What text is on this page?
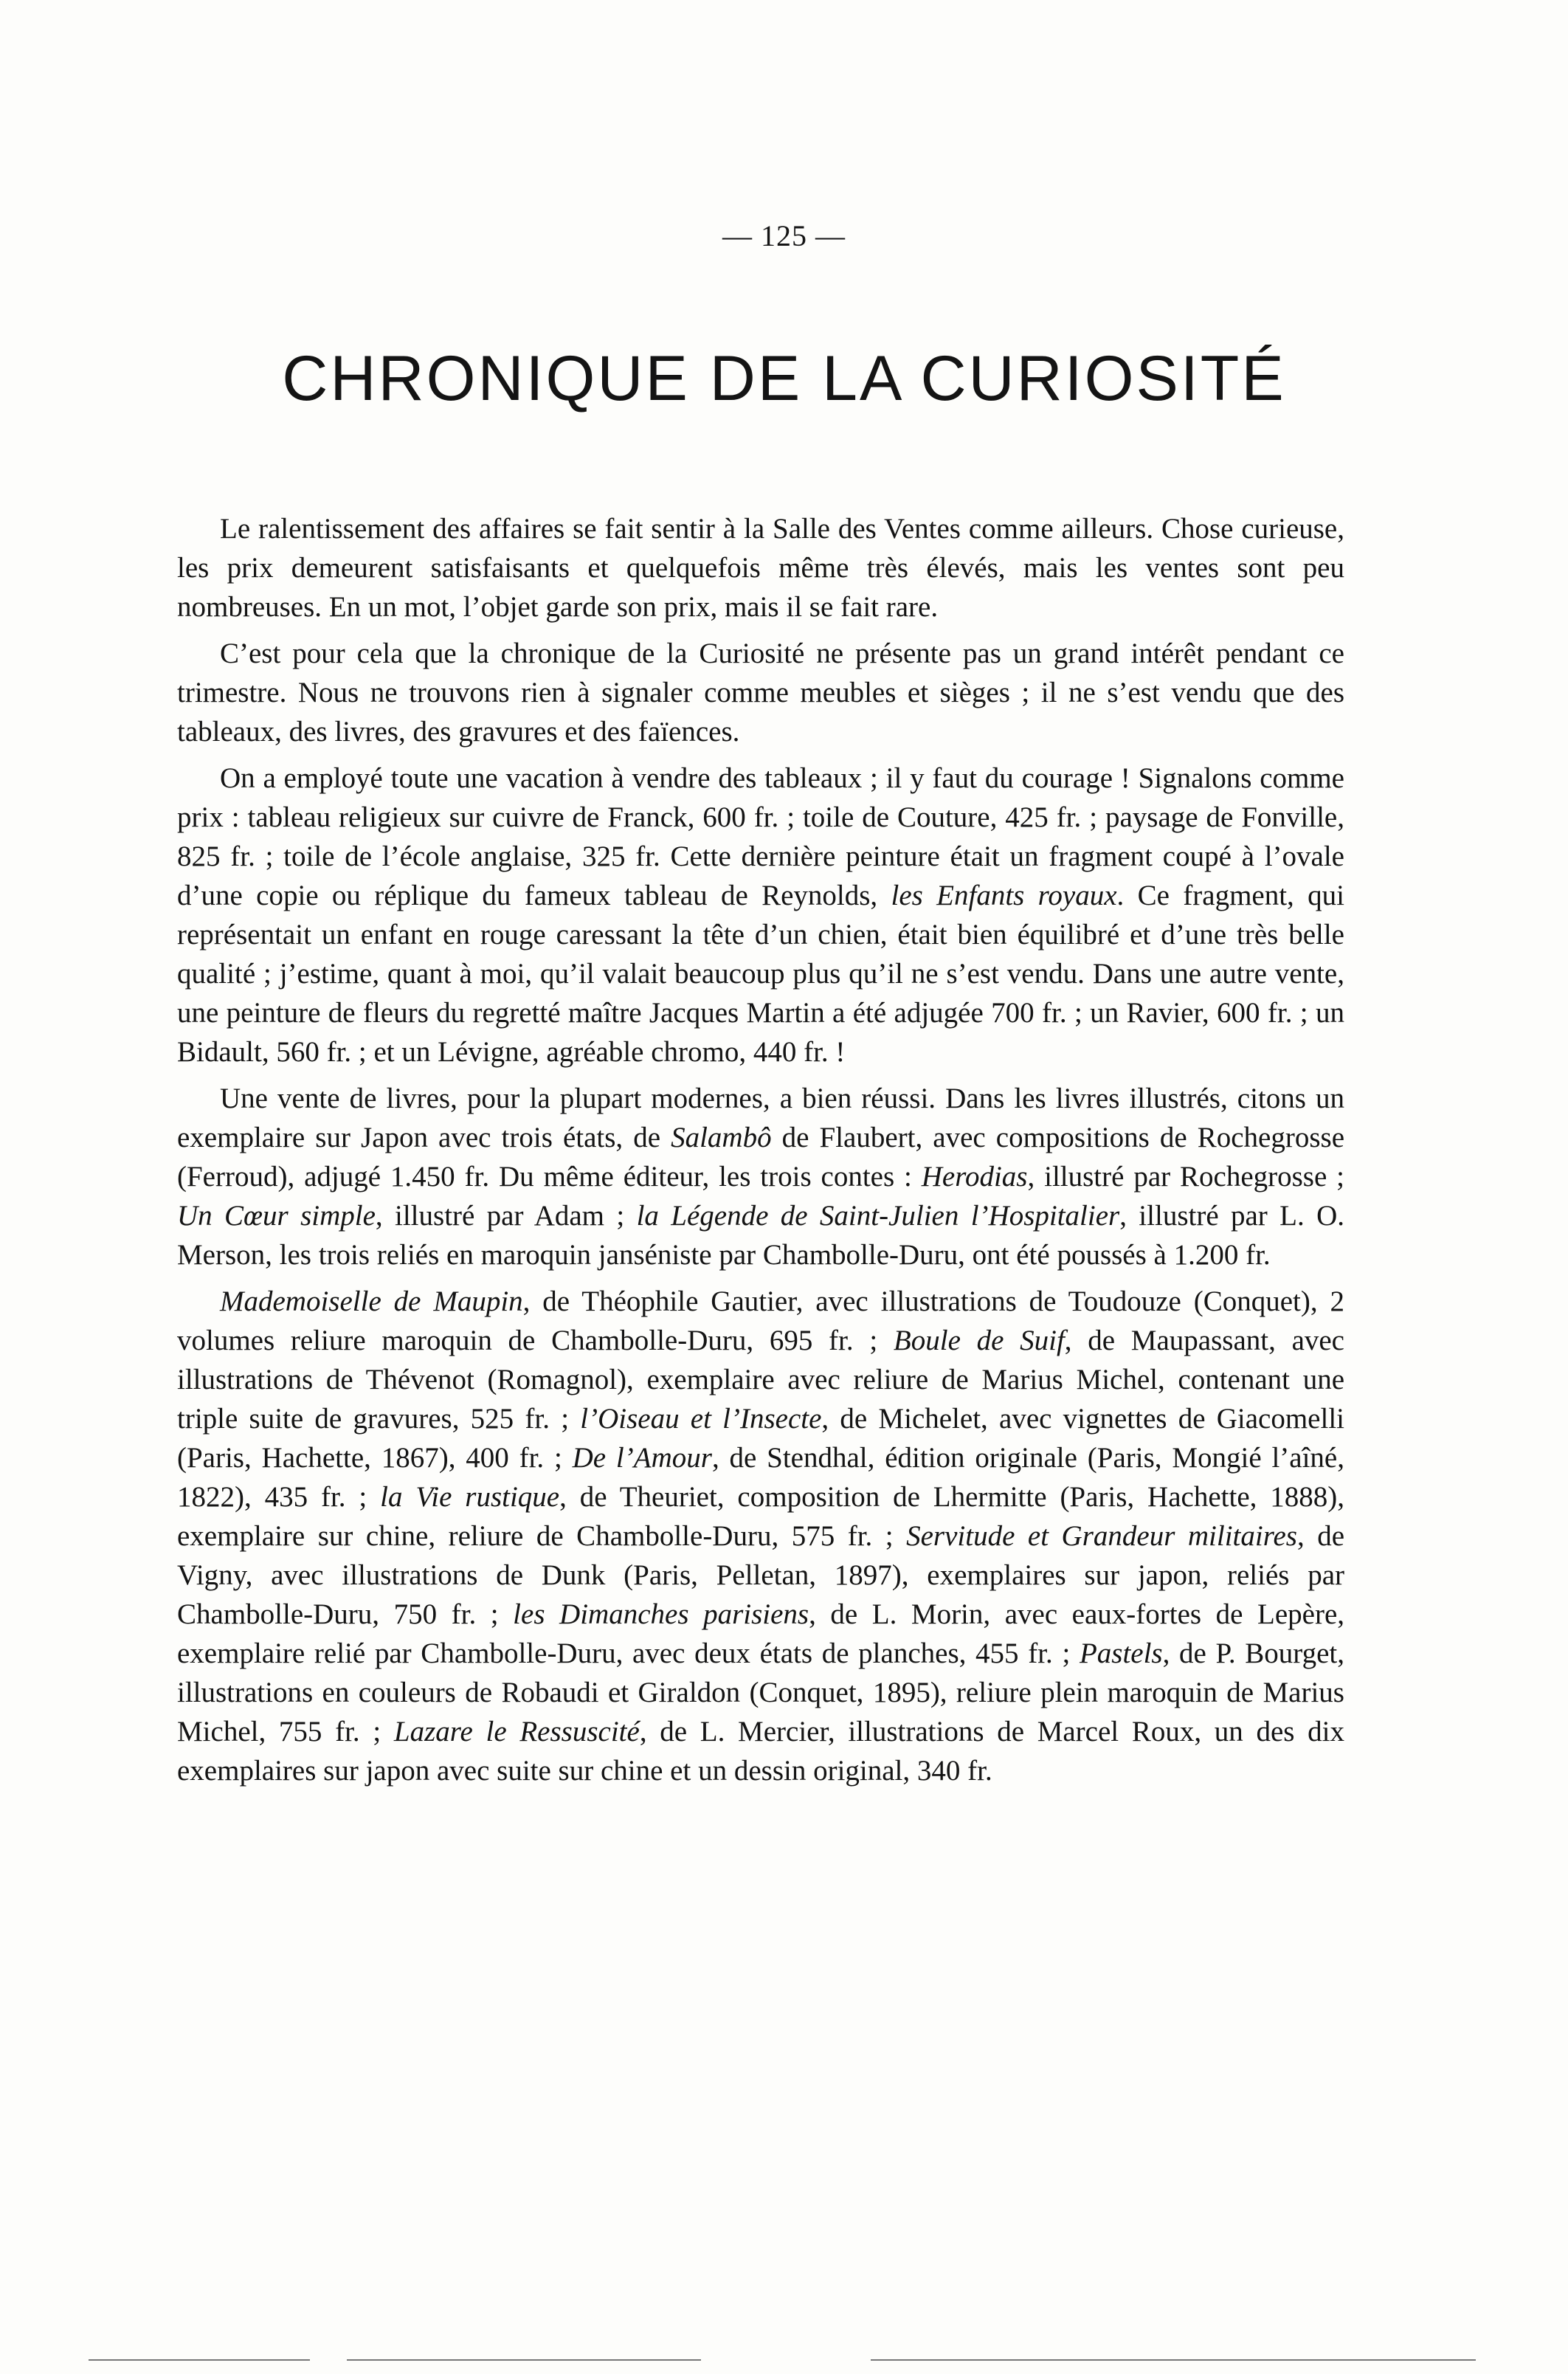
— 125 —
CHRONIQUE DE LA CURIOSITÉ

Le ralentissement des affaires se fait sentir à la Salle des Ventes comme ailleurs. Chose curieuse, les prix demeurent satisfaisants et quelquefois même très élevés, mais les ventes sont peu nombreuses. En un mot, l’objet garde son prix, mais il se fait rare.

C’est pour cela que la chronique de la Curiosité ne présente pas un grand intérêt pendant ce trimestre. Nous ne trouvons rien à signaler comme meubles et sièges ; il ne s’est vendu que des tableaux, des livres, des gravures et des faïences.

On a employé toute une vacation à vendre des tableaux ; il y faut du courage ! Signalons comme prix : tableau religieux sur cuivre de Franck, 600 fr. ; toile de Couture, 425 fr. ; paysage de Fonville, 825 fr. ; toile de l’école anglaise, 325 fr. Cette dernière peinture était un fragment coupé à l’ovale d’une copie ou réplique du fameux tableau de Reynolds, les Enfants royaux. Ce fragment, qui représentait un enfant en rouge caressant la tête d’un chien, était bien équilibré et d’une très belle qualité ; j’estime, quant à moi, qu’il valait beaucoup plus qu’il ne s’est vendu. Dans une autre vente, une peinture de fleurs du regretté maître Jacques Martin a été adjugée 700 fr. ; un Ravier, 600 fr. ; un Bidault, 560 fr. ; et un Lévigne, agréable chromo, 440 fr. !

Une vente de livres, pour la plupart modernes, a bien réussi. Dans les livres illustrés, citons un exemplaire sur Japon avec trois états, de Salambô de Flaubert, avec compositions de Rochegrosse (Ferroud), adjugé 1.450 fr. Du même éditeur, les trois contes : Herodias, illustré par Rochegrosse ; Un Cœur simple, illustré par Adam ; la Légende de Saint-Julien l’Hospitalier, illustré par L. O. Merson, les trois reliés en maroquin janséniste par Chambolle-Duru, ont été poussés à 1.200 fr.

Mademoiselle de Maupin, de Théophile Gautier, avec illustrations de Toudouze (Conquet), 2 volumes reliure maroquin de Chambolle-Duru, 695 fr. ; Boule de Suif, de Maupassant, avec illustrations de Thévenot (Romagnol), exemplaire avec reliure de Marius Michel, contenant une triple suite de gravures, 525 fr. ; l’Oiseau et l’Insecte, de Michelet, avec vignettes de Giacomelli (Paris, Hachette, 1867), 400 fr. ; De l’Amour, de Stendhal, édition originale (Paris, Mongié l’aîné, 1822), 435 fr. ; la Vie rustique, de Theuriet, composition de Lhermitte (Paris, Hachette, 1888), exemplaire sur chine, reliure de Chambolle-Duru, 575 fr. ; Servitude et Grandeur militaires, de Vigny, avec illustrations de Dunk (Paris, Pelletan, 1897), exemplaires sur japon, reliés par Chambolle-Duru, 750 fr. ; les Dimanches parisiens, de L. Morin, avec eaux-fortes de Lepère, exemplaire relié par Chambolle-Duru, avec deux états de planches, 455 fr. ; Pastels, de P. Bourget, illustrations en couleurs de Robaudi et Giraldon (Conquet, 1895), reliure plein maroquin de Marius Michel, 755 fr. ; Lazare le Ressuscité, de L. Mercier, illustrations de Marcel Roux, un des dix exemplaires sur japon avec suite sur chine et un dessin original, 340 fr.
